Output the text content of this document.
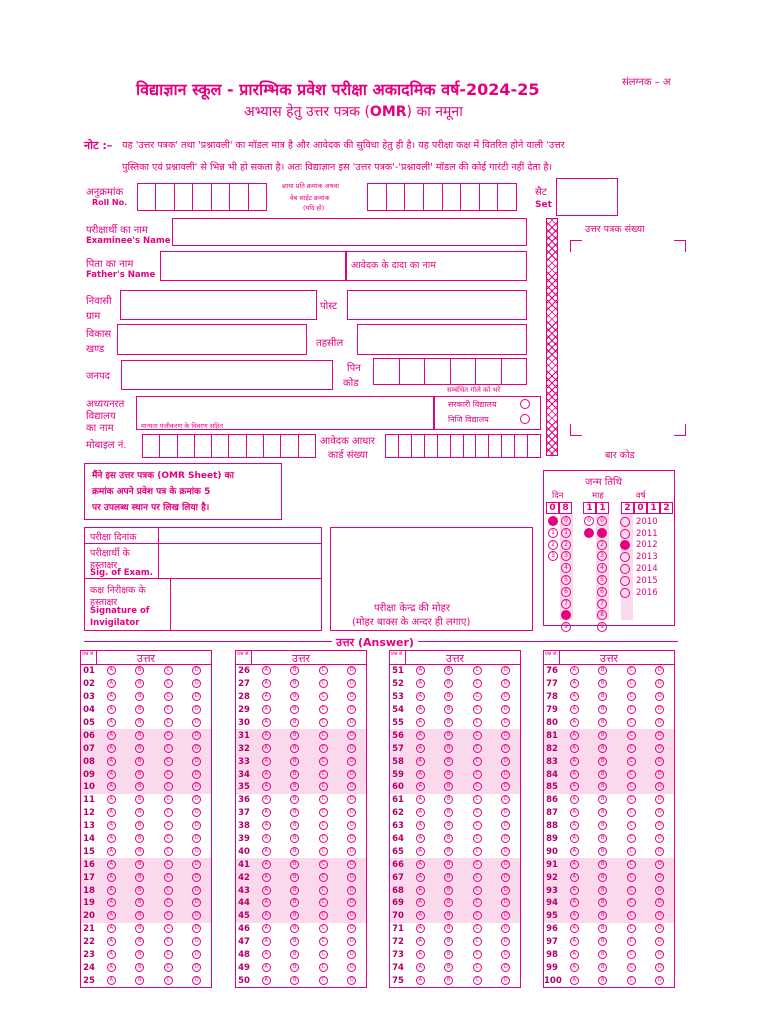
संलग्नक – अ
विद्याज्ञान स्कूल - प्रारम्भिक प्रवेश परीक्षा अकादमिक वर्ष-2024-25
अभ्यास हेतु उत्तर पत्रक (OMR) का नमूना
नोट :– यह 'उत्तर पत्रक' तथा 'प्रश्नावली' का मॉडल मात्र है और आवेदक की सुविधा हेतु ही है। यह परीक्षा कक्ष में वितरित होने वाली 'उत्तर
पुस्तिका एवं प्रश्नावली' से भिन्न भी हो सकता है। अतः विद्याज्ञान इस 'उत्तर पत्रक'-'प्रश्नावली' मॉडल की कोई गारंटी नहीं देता है।
अनुक्रमांक
Roll No.
छाया प्रति क्रमांक अथवा
वेब साईट क्रमांक
(यदि हो)
सैट
Set
उत्तर पत्रक संख्या
बार कोड
परीक्षार्थी का नाम
Examinee's Name
पिता का नाम
Father's Name
आवेदक के दादा का नाम
निवासी
ग्राम
पोस्ट
विकास
खण्ड
तहसील
जनपद
पिन
कोड
सम्बंधित गोले को भरें
अध्ययनरत
विद्यालय
का नाम	मान्यता पंजीकरण के विवरण सहित
सरकारी विद्यालय
निजि विद्यालय
मोबाइल नं.	आवेदक आधार
कार्ड संख्या
मैंने इस उत्तर पत्रक (OMR Sheet) का
क्रमांक अपने प्रवेश पत्र के क्रमांक 5
पर उपलब्ध स्थान पर लिख लिया है।
परीक्षा दिनांक
परीक्षार्थी के
हस्ताक्षर
Sig. of Exam.
कक्ष निरीक्षक के
हस्ताक्षर
Signature of
Invigilator
परीक्षा केन्द्र की मोहर
(मोहर बाक्स के अन्दर ही लगाए)
जन्म तिथि
दिन	माह	वर्ष
0 8	1 1	2 0 1 2
0
1
2
3
0
1
2
3
4
5
6
7
8
9
0
1
0
1
2
3
4
5
6
7
8
9
2010
2011
2012
2013
2014
2015
2016
उत्तर (Answer)
प्रश्न सं.	उत्तर
01	A	B	C	D
02	A	B	C	D
03	A	B	C	D
04	A	B	C	D
05	A	B	C	D
06	A	B	C	D
07	A	B	C	D
08	A	B	C	D
09	A	B	C	D
10	A	B	C	D
11	A	B	C	D
12	A	B	C	D
13	A	B	C	D
14	A	B	C	D
15	A	B	C	D
16	A	B	C	D
17	A	B	C	D
18	A	B	C	D
19	A	B	C	D
20	A	B	C	D
21	A	B	C	D
22	A	B	C	D
23	A	B	C	D
24	A	B	C	D
25	A	B	C	D
प्रश्न सं.	उत्तर
26	A	B	C	D
27	A	B	C	D
28	A	B	C	D
29	A	B	C	D
30	A	B	C	D
31	A	B	C	D
32	A	B	C	D
33	A	B	C	D
34	A	B	C	D
35	A	B	C	D
36	A	B	C	D
37	A	B	C	D
38	A	B	C	D
39	A	B	C	D
40	A	B	C	D
41	A	B	C	D
42	A	B	C	D
43	A	B	C	D
44	A	B	C	D
45	A	B	C	D
46	A	B	C	D
47	A	B	C	D
48	A	B	C	D
49	A	B	C	D
50	A	B	C	D
प्रश्न सं.	उत्तर
51	A	B	C	D
52	A	B	C	D
53	A	B	C	D
54	A	B	C	D
55	A	B	C	D
56	A	B	C	D
57	A	B	C	D
58	A	B	C	D
59	A	B	C	D
60	A	B	C	D
61	A	B	C	D
62	A	B	C	D
63	A	B	C	D
64	A	B	C	D
65	A	B	C	D
66	A	B	C	D
67	A	B	C	D
68	A	B	C	D
69	A	B	C	D
70	A	B	C	D
71	A	B	C	D
72	A	B	C	D
73	A	B	C	D
74	A	B	C	D
75	A	B	C	D
प्रश्न सं.	उत्तर
76	A	B	C	D
77	A	B	C	D
78	A	B	C	D
79	A	B	C	D
80	A	B	C	D
81	A	B	C	D
82	A	B	C	D
83	A	B	C	D
84	A	B	C	D
85	A	B	C	D
86	A	B	C	D
87	A	B	C	D
88	A	B	C	D
89	A	B	C	D
90	A	B	C	D
91	A	B	C	D
92	A	B	C	D
93	A	B	C	D
94	A	B	C	D
95	A	B	C	D
96	A	B	C	D
97	A	B	C	D
98	A	B	C	D
99	A	B	C	D
100	A	B	C	D
